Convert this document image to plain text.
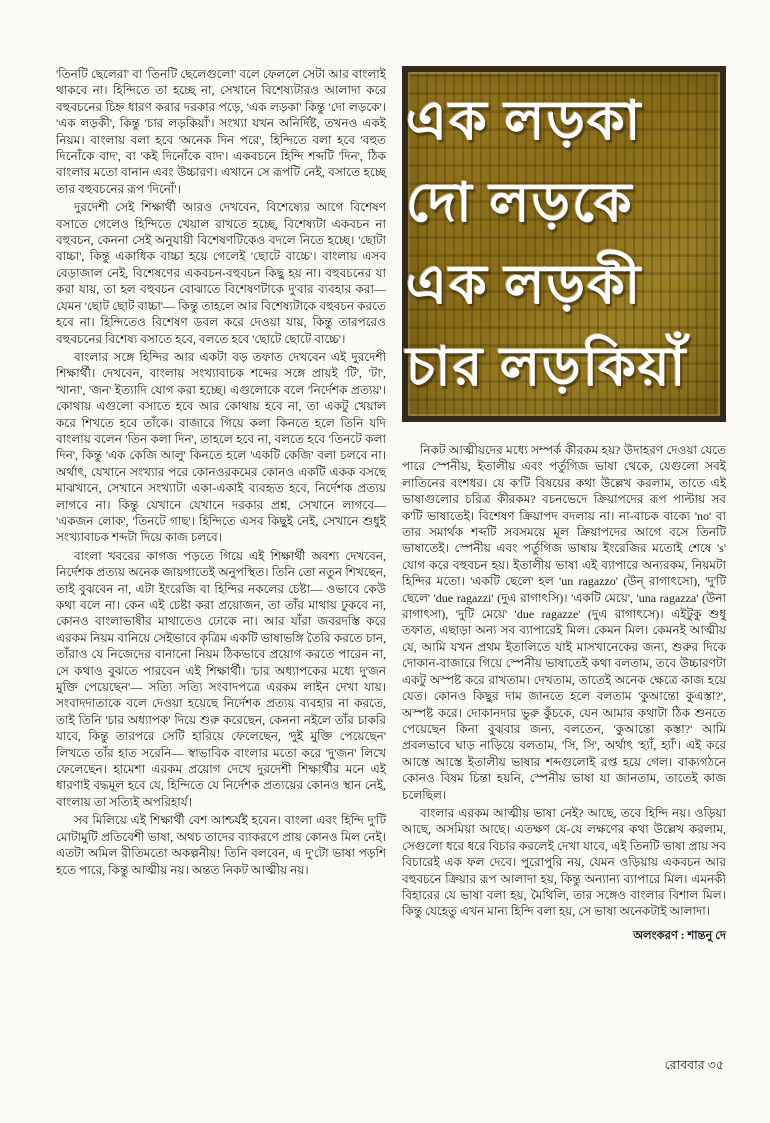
'তিনটি ছেলেরা' বা 'তিনটি ছেলেগুলো' বলে ফেললে সেটা আর বাংলাই থাকবে না। হিন্দিতে তা হচ্ছে না, সেখানে বিশেষ্যটারও আলাদা করে বহুবচনের চিহ্ন ধারণ করার দরকার পড়ে, 'এক লড়কা' কিন্তু 'দো লড়কে'। 'এক লড়কী', কিন্তু 'চার লড়কিয়াঁ'। সংখ্যা যখন অনির্দিষ্ট, তখনও একই নিয়ম। বাংলায় বলা হবে 'অনেক দিন পরে', হিন্দিতে বলা হবে 'বহুত দিনোঁকে বাদ', বা 'কই দিনোঁকে বাদ'। একবচনে হিন্দি শব্দটি 'দিন', ঠিক বাংলার মতো বানান এবং উচ্চারণ। এখানে সে রূপটি নেই, বসাতে হচ্ছে তার বহুবচনের রূপ 'দিনোঁ'।

দুরদেশী সেই শিক্ষার্থী আরও দেখবেন, বিশেষ্যের আগে বিশেষণ বসাতে গেলেও হিন্দিতে খেয়াল রাখতে হচ্ছে, বিশেষ্যটা একবচন না বহুবচন, কেননা সেই অনুযায়ী বিশেষণটিকেও বদলে নিতে হচ্ছে। 'ছোটা বাচ্চা', কিন্তু একাধিক বাচ্চা হয়ে গেলেই 'ছোটে বাচ্চে'। বাংলায় এসব বেড়াজাল নেই, বিশেষণের একবচন-বহুবচন কিছু হয় না। বহুবচনের যা করা যায়, তা হল বহুবচন বোঝাতে বিশেষণটাকে দু'বার ব্যবহার করা— যেমন 'ছোট ছোট বাচ্চা'— কিন্তু তাহলে আর বিশেষ্যটাকে বহুবচন করতে হবে না। হিন্দিতেও বিশেষণ ডবল করে দেওয়া যায়, কিন্তু তারপরেও বহুবচনের বিশেষ্য বসাতে হবে, বলতে হবে 'ছোটে ছোটে বাচ্চে'।

বাংলার সঙ্গে হিন্দির আর একটা বড় তফাত দেখবেন এই দুরদেশী শিক্ষার্থী। দেখবেন, বাংলায় সংখ্যাবাচক শব্দের সঙ্গে প্রায়ই 'টি', 'টা', 'খানা', 'জন' ইত্যাদি যোগ করা হচ্ছে। এগুলোকে বলে 'নির্দেশক প্রত্যয়'। কোথায় এগুলো বসাতে হবে আর কোথায় হবে না, তা একটু খেয়াল করে শিখতে হবে তাঁকে। বাজারে গিয়ে কলা কিনতে হলে তিনি যদি বাংলায় বলেন 'তিন কলা দিন', তাহলে হবে না, বলতে হবে 'তিনটে কলা দিন', কিন্তু 'এক কেজি আলু' কিনতে হলে 'একটি কেজি' বলা চলবে না। অর্থাৎ, যেখানে সংখ্যার পরে কোনওরকমের কোনও একটি একক বসছে মাঝখানে, সেখানে সংখ্যাটা একা-একাই ব্যবহৃত হবে, নির্দেশক প্রত্যয় লাগবে না। কিন্তু যেখানে যেখানে দরকার প্রশ্ন, সেখানে লাগবে— 'একজন লোক', 'তিনটে গাছ'। হিন্দিতে এসব কিছুই নেই, সেখানে শুধুই সংখ্যাবাচক শব্দটা দিয়ে কাজ চলবে।

বাংলা খবরের কাগজ পড়তে গিয়ে এই শিক্ষার্থী অবশ্য দেখবেন, নির্দেশক প্রত্যয় অনেক জায়গাতেই অনুপস্থিত। তিনি তো নতুন শিখছেন, তাই বুঝবেন না, এটা ইংরেজি বা হিন্দির নকলের চেষ্টা— ওভাবে কেউ কথা বলে না। কেন এই চেষ্টা করা প্রয়োজন, তা তাঁর মাথায় ঢুকবে না, কোনও বাংলাভাষীর মাথাতেও ঢোকে না। আর যাঁরা জবরদস্তি করে এরকম নিয়ম বানিয়ে সেইভাবে কৃত্রিম একটি ভাষাভঙ্গি তৈরি করতে চান, তাঁরাও যে নিজেদের বানানো নিয়ম ঠিকভাবে প্রয়োগ করতে পারেন না, সে কথাও বুঝতে পারবেন এই শিক্ষার্থী। 'চার অধ্যাপকের মধ্যে দু'জন মুক্তি পেয়েছেন'— সত্যি সত্যি সংবাদপত্রে এরকম লাইন দেখা যায়। সংবাদদাতাকে বলে দেওয়া হয়েছে নির্দেশক প্রত্যয় ব্যবহার না করতে, তাই তিনি 'চার অধ্যাপক' দিয়ে শুরু করেছেন, কেননা নইলে তাঁর চাকরি যাবে, কিন্তু তারপরে সেটি হারিয়ে ফেলেছেন, 'দুই মুক্তি পেয়েছেন' লিখতে তাঁর হাত সরেনি— স্বাভাবিক বাংলার মতো করে 'দু'জন' লিখে ফেলেছেন। হামেশা এরকম প্রয়োগ দেখে দুরদেশী শিক্ষার্থীর মনে এই ধারণাই বদ্ধমূল হবে যে, হিন্দিতে যে নির্দেশক প্রত্যয়ের কোনও স্থান নেই, বাংলায় তা সত্যিই অপরিহার্য।

সব মিলিয়ে এই শিক্ষার্থী বেশ আশ্চর্যই হবেন। বাংলা এবং হিন্দি দু'টি মোটামুটি প্রতিবেশী ভাষা, অথচ তাদের ব্যাকরণে প্রায় কোনও মিল নেই। এতটা অমিল রীতিমতো অকল্পনীয়! তিনি বলবেন, এ দু'টো ভাষা পড়শি হতে পারে, কিন্তু আত্মীয় নয়। অন্তত নিকট আত্মীয় নয়।

এক লড়কা
দো লড়কে
এক লড়কী
চার লড়কিয়াঁ

নিকট আত্মীয়দের মধ্যে সম্পর্ক কীরকম হয়? উদাহরণ দেওয়া যেতে পারে স্পেনীয়, ইতালীয় এবং পর্তুগিজ ভাষা থেকে, যেগুলো সবই লাতিনের বংশধর। যে ক'টি বিষয়ের কথা উল্লেখ করলাম, তাতে এই ভাষাগুলোর চরিত্র কীরকম? বচনভেদে ক্রিয়াপদের রূপ পাল্টায় সব ক'টি ভাষাতেই। বিশেষণ ক্রিয়াপদ বদলায় না। না-বাচক বাক্যে 'no' বা তার সমার্থক শব্দটি সবসময়ে মূল ক্রিয়াপদের আগে বসে তিনটি ভাষাতেই। স্পেনীয় এবং পর্তুগিজ ভাষায় ইংরেজির মতোই শেষে 's' যোগ করে বহুবচন হয়। ইতালীয় ভাষা এই ব্যাপারে অন্যরকম, নিয়মটা হিন্দির মতো। 'একটি ছেলে' হল 'un ragazzo' (উন্‌ রাগাৎসো), 'দু'টি ছেলে' 'due ragazzi' (দুএ রাগাৎসি)। 'একটি মেয়ে', 'una ragazza' (উনা রাগাৎসা), 'দুটি মেয়ে' 'due ragazze' (দুএ রাগাৎসে)। এইটুকু শুধু তফাত, এছাড়া অন্য সব ব্যাপারেই মিল। কেমন মিল। কেমনই আত্মীয় যে, আমি যখন প্রথম ইতালিতে যাই মাসখানেকের জন্য, শুরুর দিকে দোকান-বাজারে গিয়ে স্পেনীয় ভাষাতেই কথা বলতাম, তবে উচ্চারণটা একটু অস্পষ্ট করে রাখতাম। দেখতাম, তাতেই অনেক ক্ষেত্রে কাজ হয়ে যেত। কোনও কিছুর দাম জানতে হলে বলতাম 'কুআন্তো কুএস্তা?', অস্পষ্ট করে। দোকানদার ভুরু কুঁচকে, যেন আমার কথাটা ঠিক শুনতে পেয়েছেন কিনা বুঝবার জন্য, বলতেন, 'কুআন্তো কস্তা?' আমি প্রবলভাবে ঘাড় নাড়িয়ে বলতাম, 'সি, সি', অর্থাৎ 'হ্যাঁ, হ্যাঁ'। এই করে আস্তে আস্তে ইতালীয় ভাষার শব্দগুলোই রপ্ত হয়ে গেল। বাক্যগঠনে কোনও বিষম চিন্তা হয়নি, স্পেনীয় ভাষা যা জানতাম, তাতেই কাজ চলেছিল।

বাংলার এরকম আত্মীয় ভাষা নেই? আছে, তবে হিন্দি নয়। ওড়িয়া আছে, অসমিয়া আছে। এতক্ষণ যে-যে লক্ষণের কথা উল্লেখ করলাম, সেগুলো ধরে ধরে বিচার করলেই দেখা যাবে, এই তিনটি ভাষা প্রায় সব বিচারেই এক ফল দেবে। পুরোপুরি নয়, যেমন ওড়িয়ায় একবচন আর বহুবচনে ক্রিয়ার রূপ আলাদা হয়, কিন্তু অন্যান্য ব্যাপারে মিল। এমনকী বিহারের যে ভাষা বলা হয়, মৈথিলি, তার সঙ্গেও বাংলার বিশাল মিল। কিন্তু যেহেতু এখন মান্য হিন্দি বলা হয়, সে ভাষা অনেকটাই আলাদা।

অলংকরণ : শান্তনু দে
রোববার ৩৫
